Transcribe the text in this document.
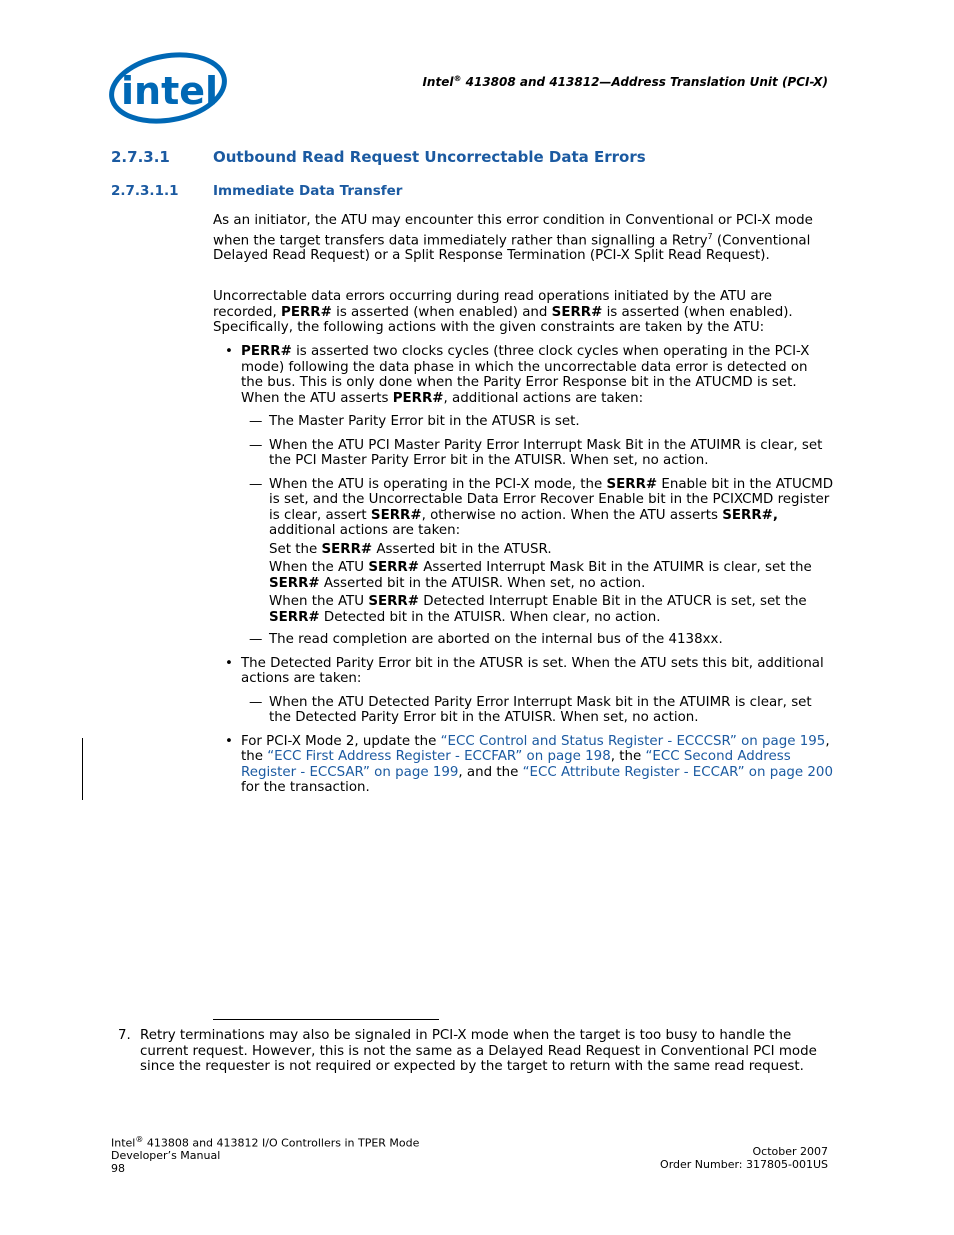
intel	Intel® 413808 and 413812—Address Translation Unit (PCI-X)
2.7.3.1	Outbound Read Request Uncorrectable Data Errors
2.7.3.1.1	Immediate Data Transfer

As an initiator, the ATU may encounter this error condition in Conventional or PCI-X mode when the target transfers data immediately rather than signalling a Retry$^7$ (Conventional Delayed Read Request) or a Split Response Termination (PCI-X Split Read Request).

Uncorrectable data errors occurring during read operations initiated by the ATU are recorded, PERR# is asserted (when enabled) and SERR# is asserted (when enabled). Specifically, the following actions with the given constraints are taken by the ATU:

• PERR# is asserted two clocks cycles (three clock cycles when operating in the PCI-X mode) following the data phase in which the uncorrectable data error is detected on the bus. This is only done when the Parity Error Response bit in the ATUCMD is set. When the ATU asserts PERR#, additional actions are taken:
— The Master Parity Error bit in the ATUSR is set.
— When the ATU PCI Master Parity Error Interrupt Mask Bit in the ATUIMR is clear, set the PCI Master Parity Error bit in the ATUISR. When set, no action.
— When the ATU is operating in the PCI-X mode, the SERR# Enable bit in the ATUCMD is set, and the Uncorrectable Data Error Recover Enable bit in the PCIXCMD register is clear, assert SERR#, otherwise no action. When the ATU asserts SERR#, additional actions are taken:
Set the SERR# Asserted bit in the ATUSR.
When the ATU SERR# Asserted Interrupt Mask Bit in the ATUIMR is clear, set the SERR# Asserted bit in the ATUISR. When set, no action.
When the ATU SERR# Detected Interrupt Enable Bit in the ATUCR is set, set the SERR# Detected bit in the ATUISR. When clear, no action.
— The read completion are aborted on the internal bus of the 4138xx.
• The Detected Parity Error bit in the ATUSR is set. When the ATU sets this bit, additional actions are taken:
— When the ATU Detected Parity Error Interrupt Mask bit in the ATUIMR is clear, set the Detected Parity Error bit in the ATUISR. When set, no action.
• For PCI-X Mode 2, update the “ECC Control and Status Register - ECCCSR” on page 195, the “ECC First Address Register - ECCFAR” on page 198, the “ECC Second Address Register - ECCSAR” on page 199, and the “ECC Attribute Register - ECCAR” on page 200 for the transaction.
7. Retry terminations may also be signaled in PCI-X mode when the target is too busy to handle the current request. However, this is not the same as a Delayed Read Request in Conventional PCI mode since the requester is not required or expected by the target to return with the same read request.
Intel® 413808 and 413812 I/O Controllers in TPER Mode
Developer’s Manual
98
October 2007
Order Number: 317805-001US
